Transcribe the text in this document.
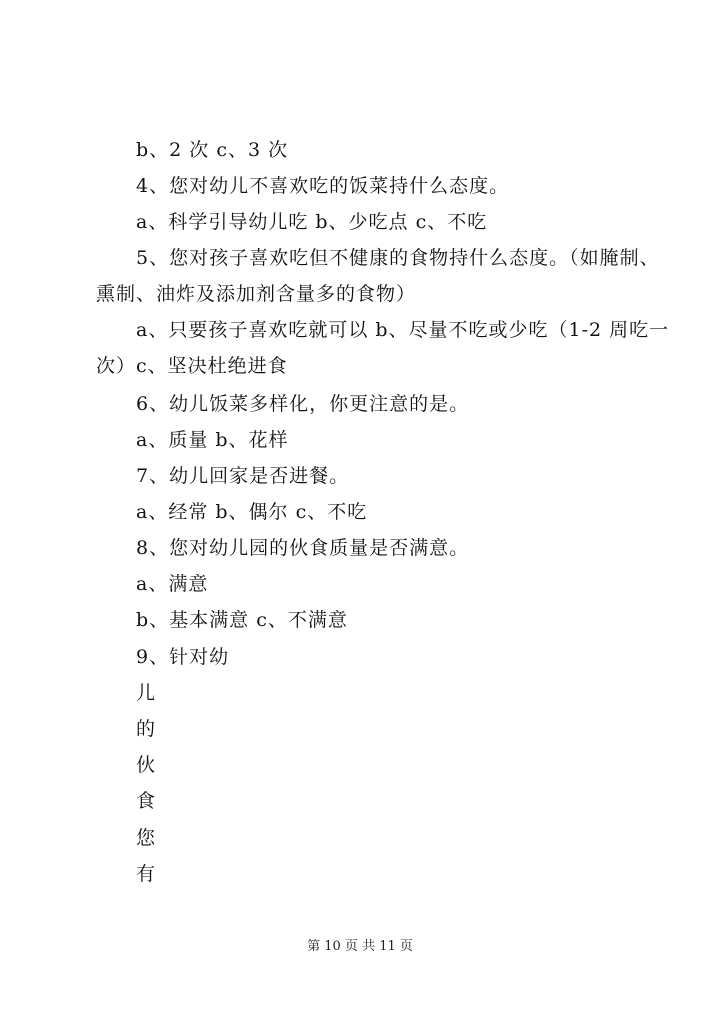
b、2 次 c、3 次
4、您对幼儿不喜欢吃的饭菜持什么态度。
a、科学引导幼儿吃 b、少吃点 c、不吃
5、您对孩子喜欢吃但不健康的食物持什么态度。（如腌制、
熏制、油炸及添加剂含量多的食物）
a、只要孩子喜欢吃就可以 b、尽量不吃或少吃（1-2 周吃一
次）c、坚决杜绝进食
6、幼儿饭菜多样化，你更注意的是。
a、质量 b、花样
7、幼儿回家是否进餐。
a、经常 b、偶尔 c、不吃
8、您对幼儿园的伙食质量是否满意。
a、满意
b、基本满意 c、不满意
9、针对幼
儿
的
伙
食
您
有
第 10 页 共 11 页
